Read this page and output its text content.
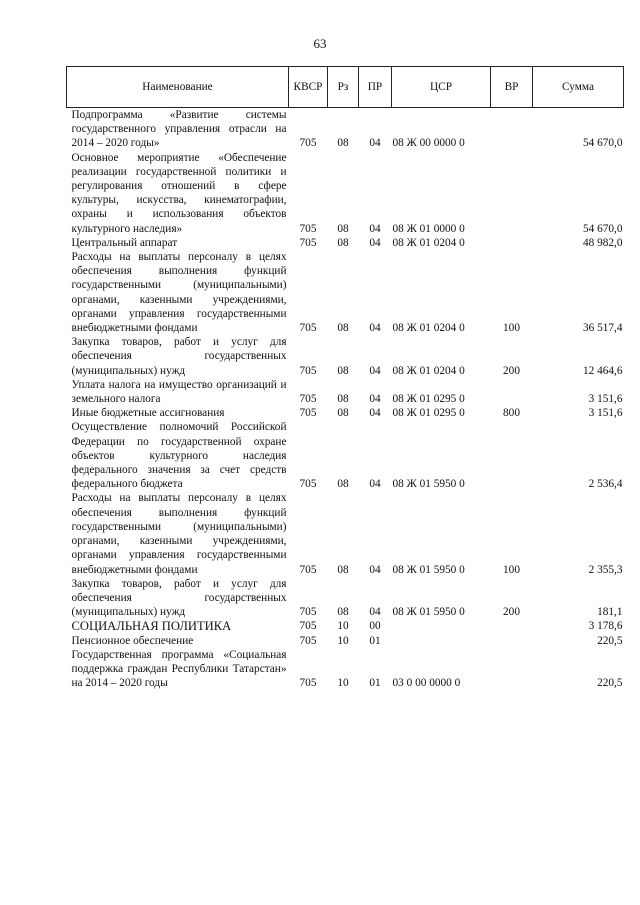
63
Наименование	КВСР	Рз	ПР	ЦСР	ВР	Сумма
Подпрограмма «Развитие системы государственного управления отрасли на 2014 – 2020 годы»	705	08	04	08 Ж 00 0000 0		54 670,0
Основное мероприятие «Обеспечение реализации государственной политики и регулирования отношений в сфере культуры, искусства, кинематографии, охраны и использования объектов культурного наследия»	705	08	04	08 Ж 01 0000 0		54 670,0
Центральный аппарат	705	08	04	08 Ж 01 0204 0		48 982,0
Расходы на выплаты персоналу в целях обеспечения выполнения функций государственными (муниципальными) органами, казенными учреждениями, органами управления государственными внебюджетными фондами	705	08	04	08 Ж 01 0204 0	100	36 517,4
Закупка товаров, работ и услуг для обеспечения государственных (муниципальных) нужд	705	08	04	08 Ж 01 0204 0	200	12 464,6
Уплата налога на имущество организаций и земельного налога	705	08	04	08 Ж 01 0295 0		3 151,6
Иные бюджетные ассигнования	705	08	04	08 Ж 01 0295 0	800	3 151,6
Осуществление полномочий Российской Федерации по государственной охране объектов культурного наследия федерального значения за счет средств федерального бюджета	705	08	04	08 Ж 01 5950 0		2 536,4
Расходы на выплаты персоналу в целях обеспечения выполнения функций государственными (муниципальными) органами, казенными учреждениями, органами управления государственными внебюджетными фондами	705	08	04	08 Ж 01 5950 0	100	2 355,3
Закупка товаров, работ и услуг для обеспечения государственных (муниципальных) нужд	705	08	04	08 Ж 01 5950 0	200	181,1
СОЦИАЛЬНАЯ ПОЛИТИКА	705	10	00			3 178,6
Пенсионное обеспечение	705	10	01			220,5
Государственная программа «Социальная поддержка граждан Республики Татарстан» на 2014 – 2020 годы	705	10	01	03 0 00 0000 0		220,5
